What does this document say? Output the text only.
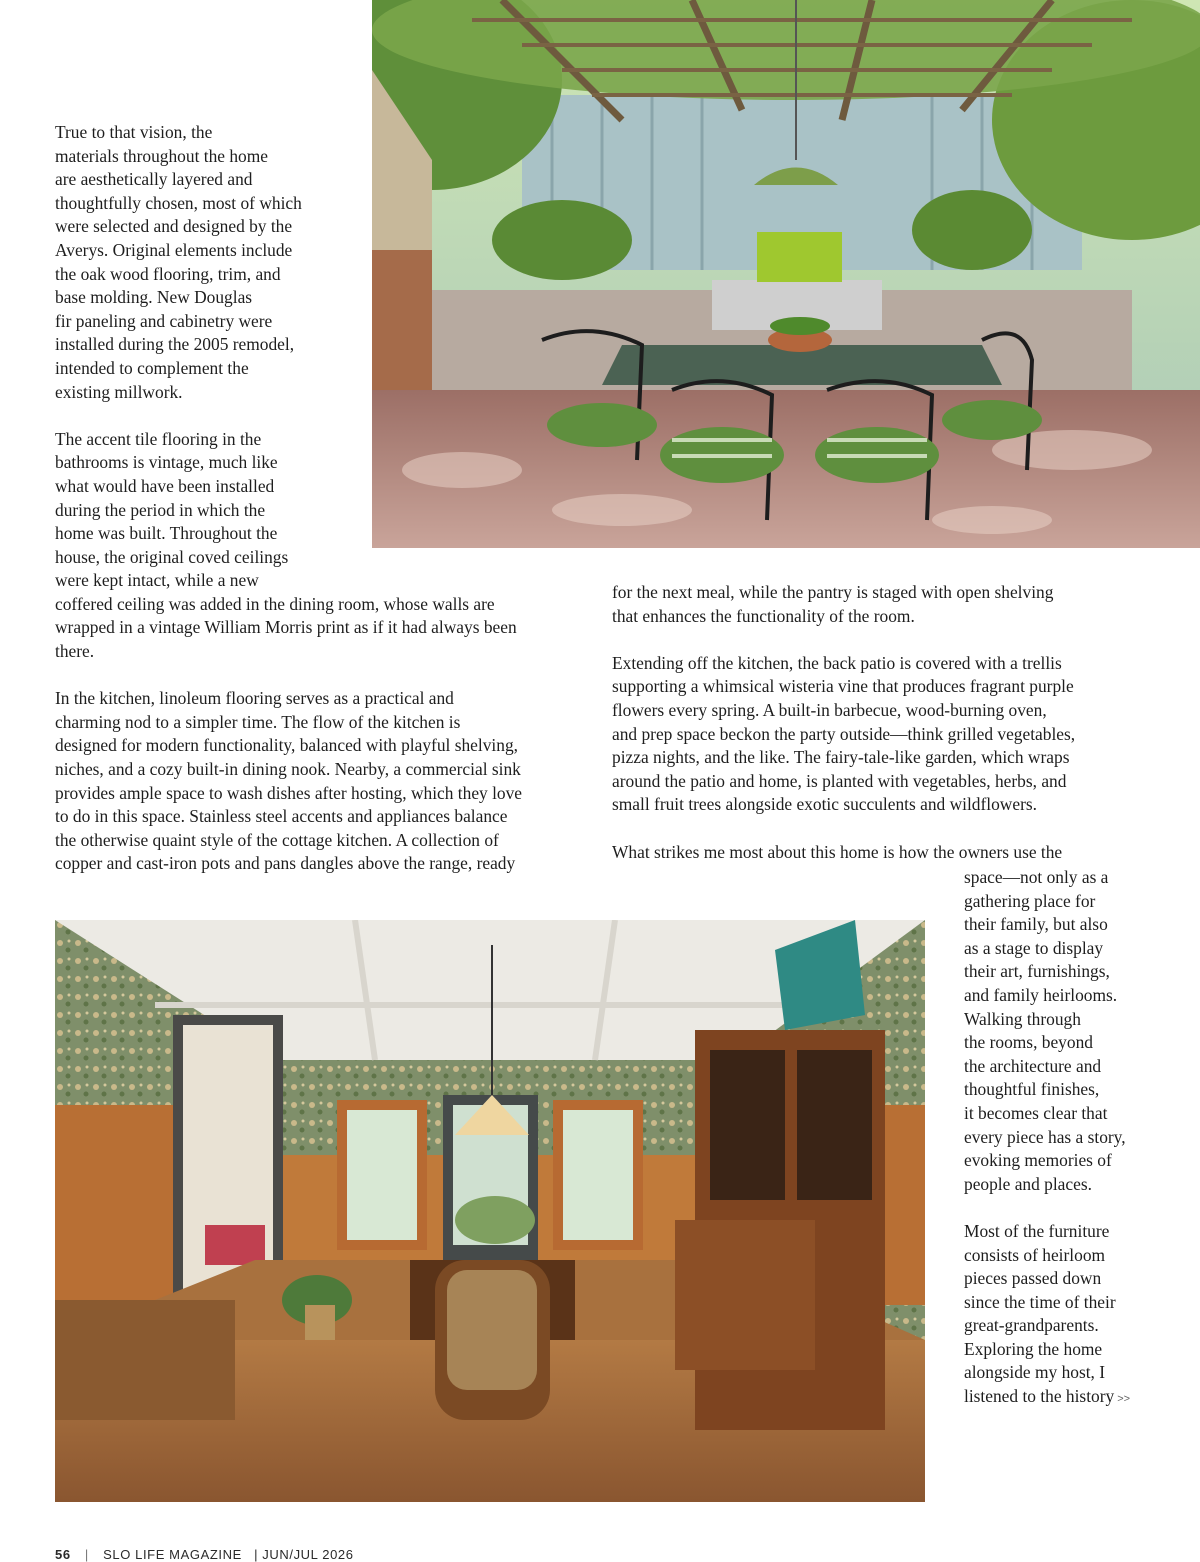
True to that vision, the

materials throughout the home

are aesthetically layered and

thoughtfully chosen, most of which

were selected and designed by the

Averys. Original elements include

the oak wood flooring, trim, and

base molding. New Douglas

fir paneling and cabinetry were

installed during the 2005 remodel,

intended to complement the

existing millwork.

The accent tile flooring in the

bathrooms is vintage, much like

what would have been installed

during the period in which the

home was built. Throughout the

house, the original coved ceilings

were kept intact, while a new

coffered ceiling was added in the dining room, whose walls are

wrapped in a vintage William Morris print as if it had always been

there.

In the kitchen, linoleum flooring serves as a practical and

charming nod to a simpler time. The flow of the kitchen is

designed for modern functionality, balanced with playful shelving,

niches, and a cozy built-in dining nook. Nearby, a commercial sink

provides ample space to wash dishes after hosting, which they love

to do in this space. Stainless steel accents and appliances balance

the otherwise quaint style of the cottage kitchen. A collection of

copper and cast-iron pots and pans dangles above the range, ready

for the next meal, while the pantry is staged with open shelving

that enhances the functionality of the room.

Extending off the kitchen, the back patio is covered with a trellis

supporting a whimsical wisteria vine that produces fragrant purple

flowers every spring. A built-in barbecue, wood-burning oven,

and prep space beckon the party outside—think grilled vegetables,

pizza nights, and the like. The fairy-tale-like garden, which wraps

around the patio and home, is planted with vegetables, herbs, and

small fruit trees alongside exotic succulents and wildflowers.

What strikes me most about this home is how the owners use the

space—not only as a

gathering place for

their family, but also

as a stage to display

their art, furnishings,

and family heirlooms.

Walking through

the rooms, beyond

the architecture and

thoughtful finishes,

it becomes clear that

every piece has a story,

evoking memories of

people and places.

Most of the furniture

consists of heirloom

pieces passed down

since the time of their

great-grandparents.

Exploring the home

alongside my host, I

listened to the history >>

56 | SLO LIFE MAGAZINE | JUN/JUL 2026
